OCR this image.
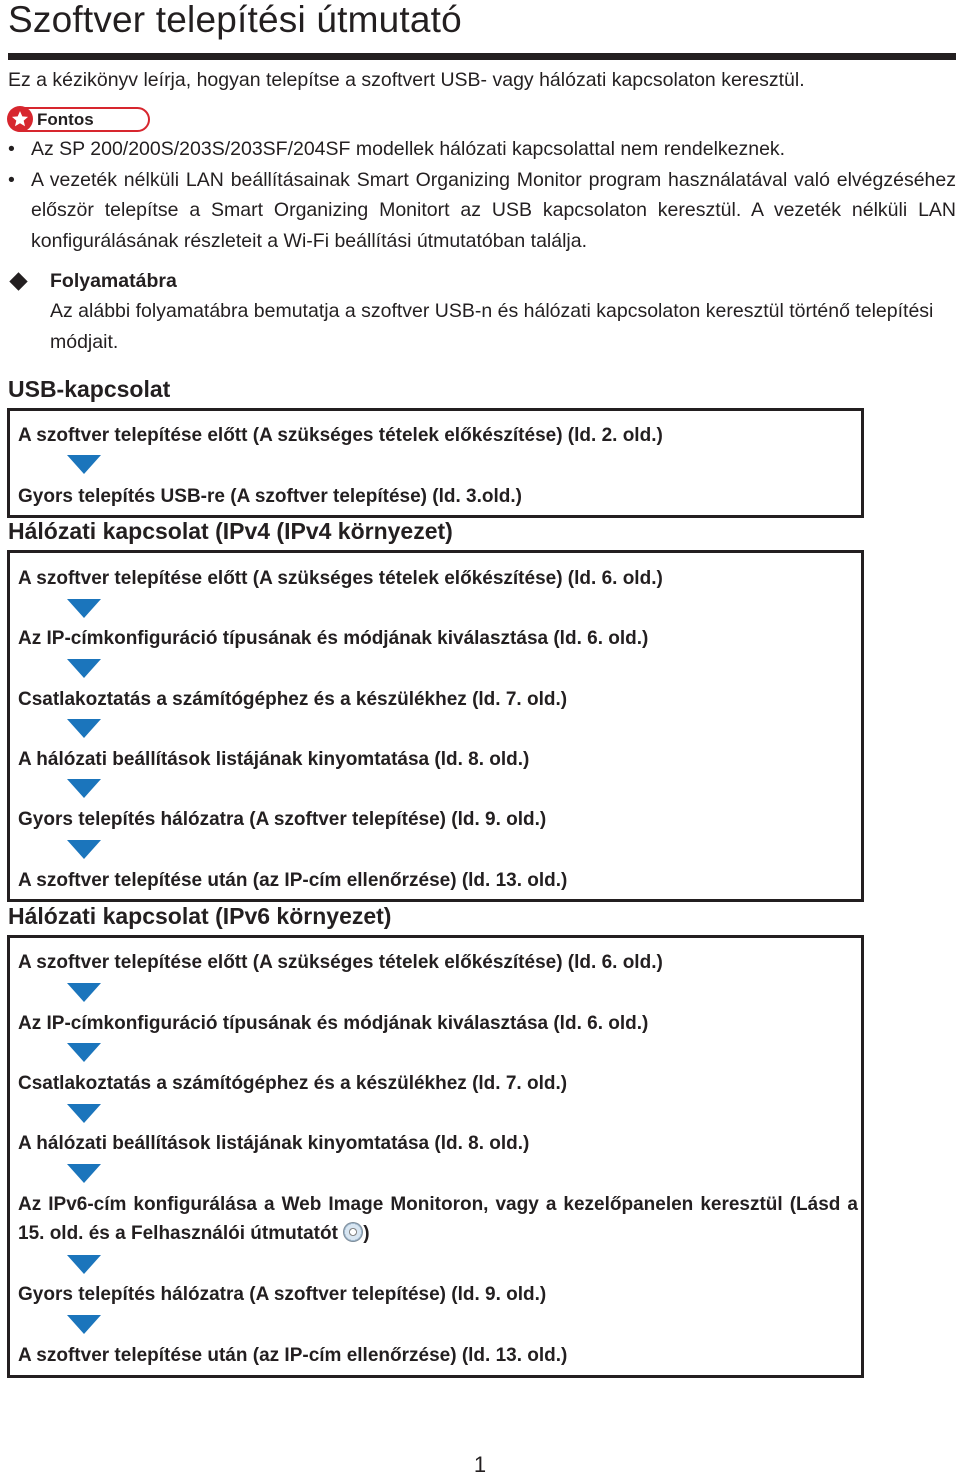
Szoftver telepítési útmutató
Ez a kézikönyv leírja, hogyan telepítse a szoftvert USB- vagy hálózati kapcsolaton keresztül.
Fontos
• Az SP 200/200S/203S/203SF/204SF modellek hálózati kapcsolattal nem rendelkeznek.
• A vezeték nélküli LAN beállításainak Smart Organizing Monitor program használatával való elvégzéséhez először telepítse a Smart Organizing Monitort az USB kapcsolaton keresztül. A vezeték nélküli LAN konfigurálásának részleteit a Wi-Fi beállítási útmutatóban találja.
Folyamatábra
Az alábbi folyamatábra bemutatja a szoftver USB-n és hálózati kapcsolaton keresztül történő telepítési módjait.
USB-kapcsolat
A szoftver telepítése előtt (A szükséges tételek előkészítése) (ld. 2. old.)
Gyors telepítés USB-re (A szoftver telepítése) (ld. 3.old.)
Hálózati kapcsolat (IPv4 (IPv4 környezet)
A szoftver telepítése előtt (A szükséges tételek előkészítése) (ld. 6. old.)
Az IP-címkonfiguráció típusának és módjának kiválasztása (ld. 6. old.)
Csatlakoztatás a számítógéphez és a készülékhez (ld. 7. old.)
A hálózati beállítások listájának kinyomtatása (ld. 8. old.)
Gyors telepítés hálózatra (A szoftver telepítése) (ld. 9. old.)
A szoftver telepítése után (az IP-cím ellenőrzése) (ld. 13. old.)
Hálózati kapcsolat (IPv6 környezet)
A szoftver telepítése előtt (A szükséges tételek előkészítése) (ld. 6. old.)
Az IP-címkonfiguráció típusának és módjának kiválasztása (ld. 6. old.)
Csatlakoztatás a számítógéphez és a készülékhez (ld. 7. old.)
A hálózati beállítások listájának kinyomtatása (ld. 8. old.)
Az IPv6-cím konfigurálása a Web Image Monitoron, vagy a kezelőpanelen keresztül (Lásd a 15. old. és a Felhasználói útmutatót )
Gyors telepítés hálózatra (A szoftver telepítése) (ld. 9. old.)
A szoftver telepítése után (az IP-cím ellenőrzése) (ld. 13. old.)
1
